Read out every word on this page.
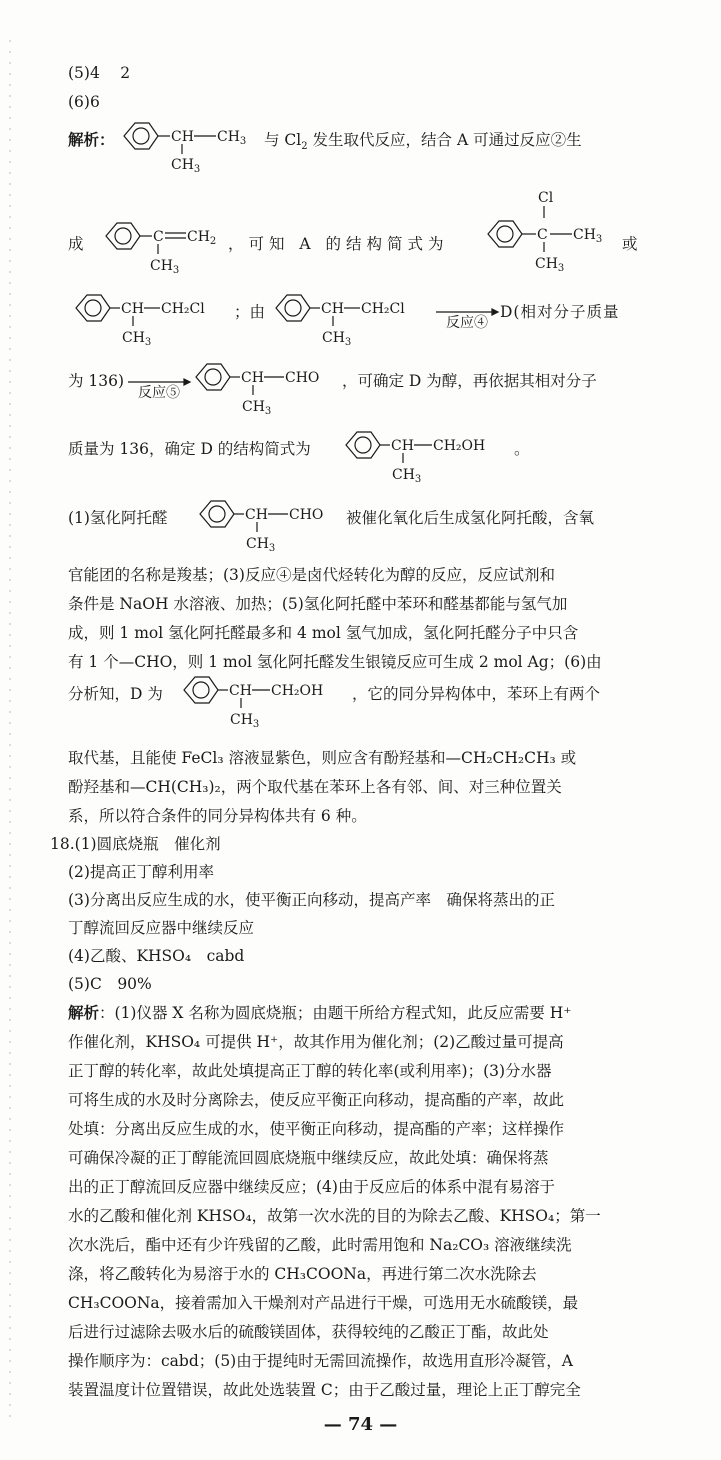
(5)4  2
(6)6
解析：	CH $CH_3$
$CH_3$
与 $Cl_2$ 发生取代反应，结合 A 可通过反应②生
成	C $CH_2$
$CH_3$
，可知 A 的结构简式为
Cl
C $CH_3$
$CH_3$
或
CH CH₂Cl
$CH_3$
；由	CH CH₂Cl
$CH_3$
反应④
D(相对分子质量
为 136)
反应⑤
CH CHO
$CH_3$
，可确定 D 为醇，再依据其相对分子
质量为 136，确定 D 的结构简式为	CH CH₂OH
$CH_3$
。
(1)氢化阿托醛	CH CHO
$CH_3$
被催化氧化后生成氢化阿托酸，含氧
官能团的名称是羧基；(3)反应④是卤代烃转化为醇的反应，反应试剂和
条件是 NaOH 水溶液、加热；(5)氢化阿托醛中苯环和醛基都能与氢气加
成，则 1 mol 氢化阿托醛最多和 4 mol 氢气加成，氢化阿托醛分子中只含
有 1 个—CHO，则 1 mol 氢化阿托醛发生银镜反应可生成 2 mol Ag；(6)由
分析知，D 为	CH CH₂OH
$CH_3$
，它的同分异构体中，苯环上有两个
取代基，且能使 FeCl₃ 溶液显紫色，则应含有酚羟基和—CH₂CH₂CH₃ 或
酚羟基和—CH(CH₃)₂，两个取代基在苯环上各有邻、间、对三种位置关
系，所以符合条件的同分异构体共有 6 种。
18.(1)圆底烧瓶 催化剂
(2)提高正丁醇利用率
(3)分离出反应生成的水，使平衡正向移动，提高产率 确保将蒸出的正
丁醇流回反应器中继续反应
(4)乙酸、KHSO₄ cabd
(5)C 90%
解析：(1)仪器 X 名称为圆底烧瓶；由题干所给方程式知，此反应需要 H⁺
作催化剂，KHSO₄ 可提供 H⁺，故其作用为催化剂；(2)乙酸过量可提高
正丁醇的转化率，故此处填提高正丁醇的转化率(或利用率)；(3)分水器
可将生成的水及时分离除去，使反应平衡正向移动，提高酯的产率，故此
处填：分离出反应生成的水，使平衡正向移动，提高酯的产率；这样操作
可确保冷凝的正丁醇能流回圆底烧瓶中继续反应，故此处填：确保将蒸
出的正丁醇流回反应器中继续反应；(4)由于反应后的体系中混有易溶于
水的乙酸和催化剂 KHSO₄，故第一次水洗的目的为除去乙酸、KHSO₄；第一
次水洗后，酯中还有少许残留的乙酸，此时需用饱和 Na₂CO₃ 溶液继续洗
涤，将乙酸转化为易溶于水的 CH₃COONa，再进行第二次水洗除去
CH₃COONa，接着需加入干燥剂对产品进行干燥，可选用无水硫酸镁，最
后进行过滤除去吸水后的硫酸镁固体，获得较纯的乙酸正丁酯，故此处
操作顺序为：cabd；(5)由于提纯时无需回流操作，故选用直形冷凝管，A
装置温度计位置错误，故此处选装置 C；由于乙酸过量，理论上正丁醇完全
— 74 —
